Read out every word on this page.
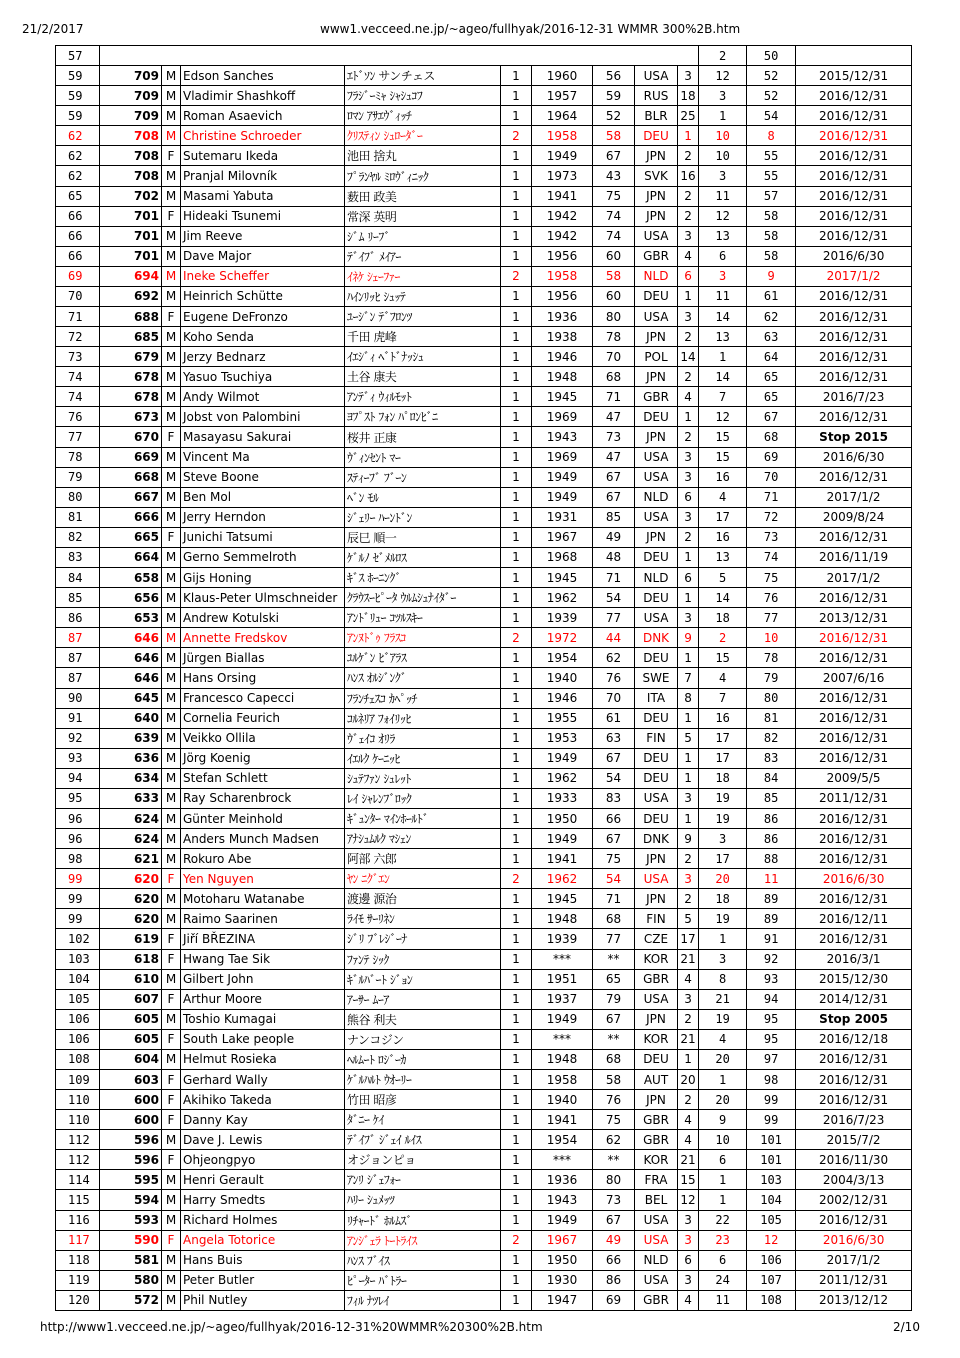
21/2/2017	www1.vecceed.ne.jp/~ageo/fullhyak/2016-12-31 WMMR 300%2B.htm
57										2	50	
59	709	M	Edson Sanches	ｴﾄﾞｿﾝ サンチェス	1	1960	56	USA	3	12	52	2015/12/31
59	709	M	Vladimir Shashkoff	ﾌﾗｼﾞｰﾐｬ ｼｬｼｭｺﾌ	1	1957	59	RUS	18	3	52	2016/12/31
59	709	M	Roman Asaevich	ﾛﾏﾝ ｱｻｴｳﾞｨｯﾁ	1	1964	52	BLR	25	1	54	2016/12/31
62	708	M	Christine Schroeder	ｸﾘｽﾃｨﾝ ｼｭﾛｰﾀﾞｰ	2	1958	58	DEU	1	10	8	2016/12/31
62	708	F	Sutemaru Ikeda	池田 捨丸	1	1949	67	JPN	2	10	55	2016/12/31
62	708	M	Pranjal Milovník	ﾌﾟﾗﾝﾔﾙ ﾐﾛｳﾞｨﾆｯｸ	1	1973	43	SVK	16	3	55	2016/12/31
65	702	M	Masami Yabuta	薮田 政美	1	1941	75	JPN	2	11	57	2016/12/31
66	701	F	Hideaki Tsunemi	常深 英明	1	1942	74	JPN	2	12	58	2016/12/31
66	701	M	Jim Reeve	ｼﾞﾑ ﾘｰﾌﾞ	1	1942	74	USA	3	13	58	2016/12/31
66	701	M	Dave Major	ﾃﾞｲﾌﾞ ﾒｲｱｰ	1	1956	60	GBR	4	6	58	2016/6/30
69	694	M	Ineke Scheffer	ｲﾈｹ ｼｪｰﾌｧｰ	2	1958	58	NLD	6	3	9	2017/1/2
70	692	M	Heinrich Schütte	ﾊｲﾝﾘｯﾋ ｼｭｯﾃ	1	1956	60	DEU	1	11	61	2016/12/31
71	688	F	Eugene DeFronzo	ﾕｰｼﾞﾝ ﾃﾞﾌﾛﾝﾂ	1	1936	80	USA	3	14	62	2016/12/31
72	685	M	Koho Senda	千田 虎峰	1	1938	78	JPN	2	13	63	2016/12/31
73	679	M	Jerzy Bednarz	ｲｴｼﾞｨ ﾍﾞﾄﾞﾅｯｼｭ	1	1946	70	POL	14	1	64	2016/12/31
74	678	M	Yasuo Tsuchiya	土谷 康夫	1	1948	68	JPN	2	14	65	2016/12/31
74	678	M	Andy Wilmot	ｱﾝﾃﾞｨ ｳｨﾙﾓｯﾄ	1	1945	71	GBR	4	7	65	2016/7/23
76	673	M	Jobst von Palombini	ﾖﾌﾟｽﾄ ﾌｫﾝ ﾊﾟﾛﾝﾋﾞﾆ	1	1969	47	DEU	1	12	67	2016/12/31
77	670	F	Masayasu Sakurai	桜井 正康	1	1943	73	JPN	2	15	68	Stop 2015
78	669	M	Vincent Ma	ｳﾞｨﾝｾﾝﾄ ﾏｰ	1	1969	47	USA	3	15	69	2016/6/30
79	668	M	Steve Boone	ｽﾃｨｰﾌﾞ ﾌﾞｰﾝ	1	1949	67	USA	3	16	70	2016/12/31
80	667	M	Ben Mol	ﾍﾞﾝ ﾓﾙ	1	1949	67	NLD	6	4	71	2017/1/2
81	666	M	Jerry Herndon	ｼﾞｪﾘｰ ﾊｰﾝﾄﾞﾝ	1	1931	85	USA	3	17	72	2009/8/24
82	665	F	Junichi Tatsumi	辰巳 順一	1	1967	49	JPN	2	16	73	2016/12/31
83	664	M	Gerno Semmelroth	ｹﾞﾙﾉ ｾﾞﾒﾙﾛｽ	1	1968	48	DEU	1	13	74	2016/11/19
84	658	M	Gijs Honing	ｷﾞｽ ﾎｰﾆﾝｸﾞ	1	1945	71	NLD	6	5	75	2017/1/2
85	656	M	Klaus-Peter Ulmschneider	ｸﾗｳｽｰﾋﾟｰﾀ ｳﾙﾑｼｭﾅｲﾀﾞｰ	1	1962	54	DEU	1	14	76	2016/12/31
86	653	M	Andrew Kotulski	ｱﾝﾄﾞﾘｭｰ ｺﾂﾙｽｷｰ	1	1939	77	USA	3	18	77	2013/12/31
87	646	M	Annette Fredskov	ｱﾝﾇﾄﾞｩ ﾌﾗｽｺ	2	1972	44	DNK	9	2	10	2016/12/31
87	646	M	Jürgen Biallas	ﾕﾙｹﾞﾝ ﾋﾞｱﾗｽ	1	1954	62	DEU	1	15	78	2016/12/31
87	646	M	Hans Orsing	ﾊﾝｽ ｵﾙｼﾞﾝｸﾞ	1	1940	76	SWE	7	4	79	2007/6/16
90	645	M	Francesco Capecci	ﾌﾗﾝﾁｪｽｺ ｶﾍﾟｯﾁ	1	1946	70	ITA	8	7	80	2016/12/31
91	640	M	Cornelia Feurich	ｺﾙﾈﾘｱ ﾌｫｲﾘｯﾋ	1	1955	61	DEU	1	16	81	2016/12/31
92	639	M	Veikko Ollila	ｳﾞｪｲｺ ｵﾘﾗ	1	1953	63	FIN	5	17	82	2016/12/31
93	636	M	Jörg Koenig	ｲｴﾙｸ ｹｰﾆｯﾋ	1	1949	67	DEU	1	17	83	2016/12/31
94	634	M	Stefan Schlett	ｼｭﾃﾌｧﾝ ｼｭﾚｯﾄ	1	1962	54	DEU	1	18	84	2009/5/5
95	633	M	Ray Scharenbrock	ﾚｲ ｼｬﾚﾝﾌﾞﾛｯｸ	1	1933	83	USA	3	19	85	2011/12/31
96	624	M	Günter Meinhold	ｷﾞｭﾝﾀｰ ﾏｲﾝﾎｰﾙﾄﾞ	1	1950	66	DEU	1	19	86	2016/12/31
96	624	M	Anders Munch Madsen	ｱﾅｼｭﾑﾙｸ ﾏｼｪﾝ	1	1949	67	DNK	9	3	86	2016/12/31
98	621	M	Rokuro Abe	阿部 六郎	1	1941	75	JPN	2	17	88	2016/12/31
99	620	F	Yen Nguyen	ﾔﾝ ﾆｸﾞｴﾝ	2	1962	54	USA	3	20	11	2016/6/30
99	620	M	Motoharu Watanabe	渡邊 源治	1	1945	71	JPN	2	18	89	2016/12/31
99	620	M	Raimo Saarinen	ﾗｲﾓ ｻｰﾘﾈﾝ	1	1948	68	FIN	5	19	89	2016/12/11
102	619	F	Jiří BŘEZINA	ｼﾞﾘ ﾌﾞﾚｼﾞｰﾅ	1	1939	77	CZE	17	1	91	2016/12/31
103	618	F	Hwang Tae Sik	ﾌｧﾝﾃ ｼｯｸ	1	***	**	KOR	21	3	92	2016/3/1
104	610	M	Gilbert John	ｷﾞﾙﾊﾞｰﾄ ｼﾞｮﾝ	1	1951	65	GBR	4	8	93	2015/12/30
105	607	F	Arthur Moore	ｱｰｻｰ ﾑｰｱ	1	1937	79	USA	3	21	94	2014/12/31
106	605	M	Toshio Kumagai	熊谷 利夫	1	1949	67	JPN	2	19	95	Stop 2005
106	605	F	South Lake people	ナンコジン	1	***	**	KOR	21	4	95	2016/12/18
108	604	M	Helmut Rosieka	ﾍﾙﾑｰﾄ ﾛｼﾞｰｶ	1	1948	68	DEU	1	20	97	2016/12/31
109	603	F	Gerhard Wally	ｹﾞﾙﾊﾙﾄ ｳｵｰﾘｰ	1	1958	58	AUT	20	1	98	2016/12/31
110	600	F	Akihiko Takeda	竹田 昭彦	1	1940	76	JPN	2	20	99	2016/12/31
110	600	F	Danny Kay	ﾀﾞﾆｰ ｹｲ	1	1941	75	GBR	4	9	99	2016/7/23
112	596	M	Dave J. Lewis	ﾃﾞｲﾌﾞ ｼﾞｪｲ ﾙｲｽ	1	1954	62	GBR	4	10	101	2015/7/2
112	596	F	Ohjeongpyo	オジョンピョ	1	***	**	KOR	21	6	101	2016/11/30
114	595	M	Henri Gerault	ｱﾝﾘ ｼﾞｪﾌｫｰ	1	1936	80	FRA	15	1	103	2004/3/13
115	594	M	Harry Smedts	ﾊﾘｰ ｼｭﾒｯﾂ	1	1943	73	BEL	12	1	104	2002/12/31
116	593	M	Richard Holmes	ﾘﾁｬｰﾄﾞ ﾎﾙﾑｽﾞ	1	1949	67	USA	3	22	105	2016/12/31
117	590	F	Angela Totorice	ｱﾝｼﾞｪﾗ ﾄｰﾄﾗｲｽ	2	1967	49	USA	3	23	12	2016/6/30
118	581	M	Hans Buis	ﾊﾝｽ ﾌﾞｲｽ	1	1950	66	NLD	6	6	106	2017/1/2
119	580	M	Peter Butler	ﾋﾟｰﾀｰ ﾊﾞﾄﾗｰ	1	1930	86	USA	3	24	107	2011/12/31
120	572	M	Phil Nutley	ﾌｨﾙ ﾅﾂﾚｲ	1	1947	69	GBR	4	11	108	2013/12/12
http://www1.vecceed.ne.jp/~ageo/fullhyak/2016-12-31%20WMMR%20300%2B.htm	2/10
